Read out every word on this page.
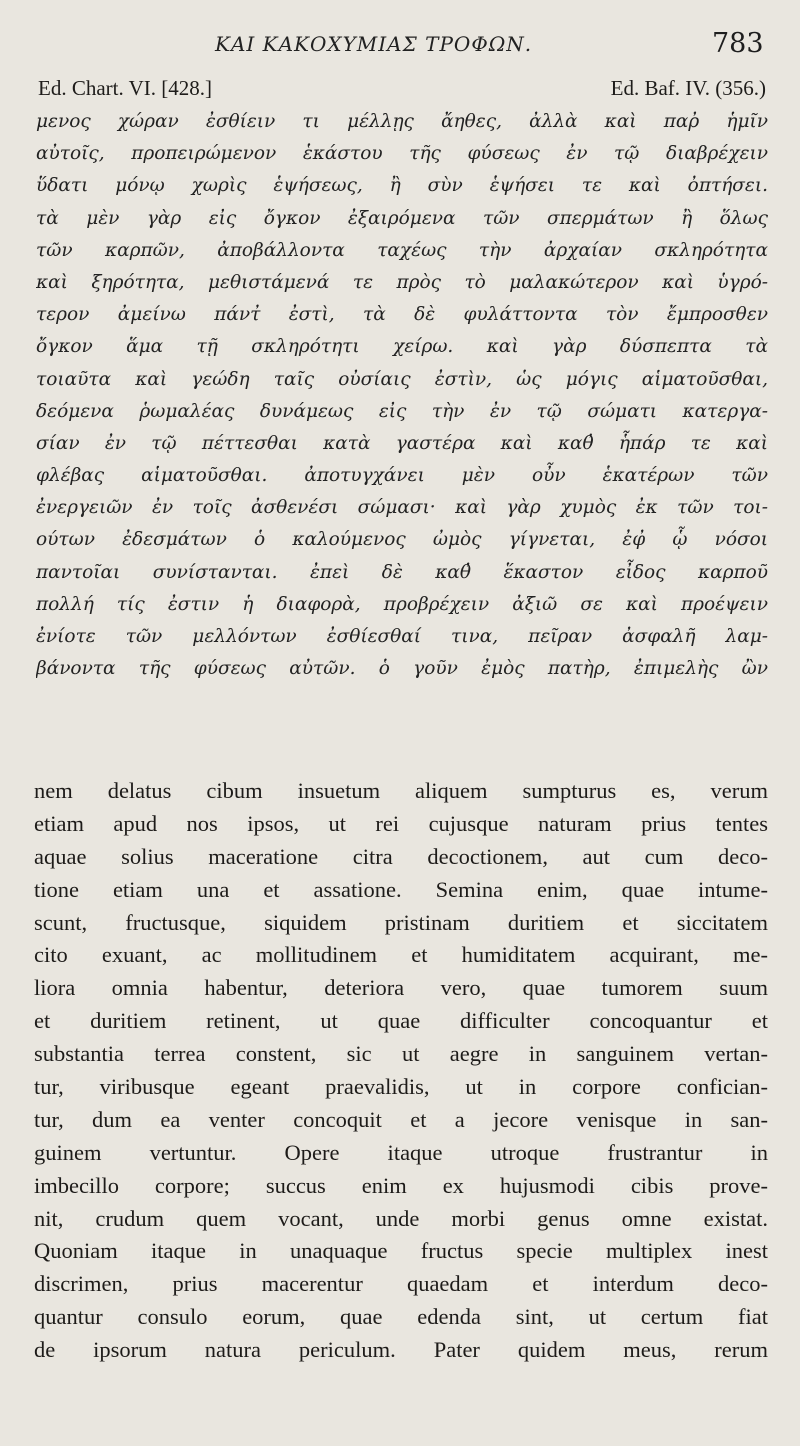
ΚΑΙ ΚΑΚΟΧΥΜΙΑΣ ΤΡΟΦΩΝ.	783
Ed. Chart. VI. [428.]	Ed. Baf. IV. (356.)
μενος χώραν ἐσθίειν τι μέλλῃς ἄηθες, ἀλλὰ καὶ παῤ ἡμῖν
αὐτοῖς, προπειρώμενον ἑκάστου τῆς φύσεως ἐν τῷ διαβρέχειν
ὕδατι μόνῳ χωρὶς ἑψήσεως, ἢ σὺν ἑψήσει τε καὶ ὀπτήσει.
τὰ μὲν γὰρ εἰς ὄγκον ἐξαιρόμενα τῶν σπερμάτων ἢ ὅλως
τῶν καρπῶν, ἀποβάλλοντα ταχέως τὴν ἀρχαίαν σκληρότητα
καὶ ξηρότητα, μεθιστάμενά τε πρὸς τὸ μαλακώτερον καὶ ὑγρό-
τερον ἀμείνω πάντ̓ ἐστὶ, τὰ δὲ φυλάττοντα τὸν ἔμπροσθεν
ὄγκον ἅμα τῇ σκληρότητι χείρω. καὶ γὰρ δύσπεπτα τὰ
τοιαῦτα καὶ γεώδη ταῖς οὐσίαις ἐστὶν, ὡς μόγις αἱματοῦσθαι,
δεόμενα ῥωμαλέας δυνάμεως εἰς τὴν ἐν τῷ σώματι κατεργα-
σίαν ἐν τῷ πέττεσθαι κατὰ γαστέρα καὶ καθ̓ ἧπάρ τε καὶ
φλέβας αἱματοῦσθαι. ἀποτυγχάνει μὲν οὖν ἑκατέρων τῶν
ἐνεργειῶν ἐν τοῖς ἀσθενέσι σώμασι· καὶ γὰρ χυμὸς ἐκ τῶν τοι-
ούτων ἐδεσμάτων ὁ καλούμενος ὠμὸς γίγνεται, ἐφ̓ ᾧ νόσοι
παντοῖαι συνίστανται. ἐπεὶ δὲ καθ̓ ἕκαστον εἶδος καρποῦ
πολλή τίς ἐστιν ἡ διαφορὰ, προβρέχειν ἀξιῶ σε καὶ προέψειν
ἐνίοτε τῶν μελλόντων ἐσθίεσθαί τινα, πεῖραν ἀσφαλῆ λαμ-
βάνοντα τῆς φύσεως αὐτῶν. ὁ γοῦν ἐμὸς πατὴρ, ἐπιμελὴς ὢν
nem delatus cibum insuetum aliquem sumpturus es, verum
etiam apud nos ipsos, ut rei cujusque naturam prius tentes
aquae solius maceratione citra decoctionem, aut cum deco-
tione etiam una et assatione. Semina enim, quae intume-
scunt, fructusque, siquidem pristinam duritiem et siccitatem
cito exuant, ac mollitudinem et humiditatem acquirant, me-
liora omnia habentur, deteriora vero, quae tumorem suum
et duritiem retinent, ut quae difficulter concoquantur et
substantia terrea constent, sic ut aegre in sanguinem vertan-
tur, viribusque egeant praevalidis, ut in corpore confician-
tur, dum ea venter concoquit et a jecore venisque in san-
guinem vertuntur. Opere itaque utroque frustrantur in
imbecillo corpore; succus enim ex hujusmodi cibis prove-
nit, crudum quem vocant, unde morbi genus omne existat.
Quoniam itaque in unaquaque fructus specie multiplex inest
discrimen, prius macerentur quaedam et interdum deco-
quantur consulo eorum, quae edenda sint, ut certum fiat
de ipsorum natura periculum. Pater quidem meus, rerum
